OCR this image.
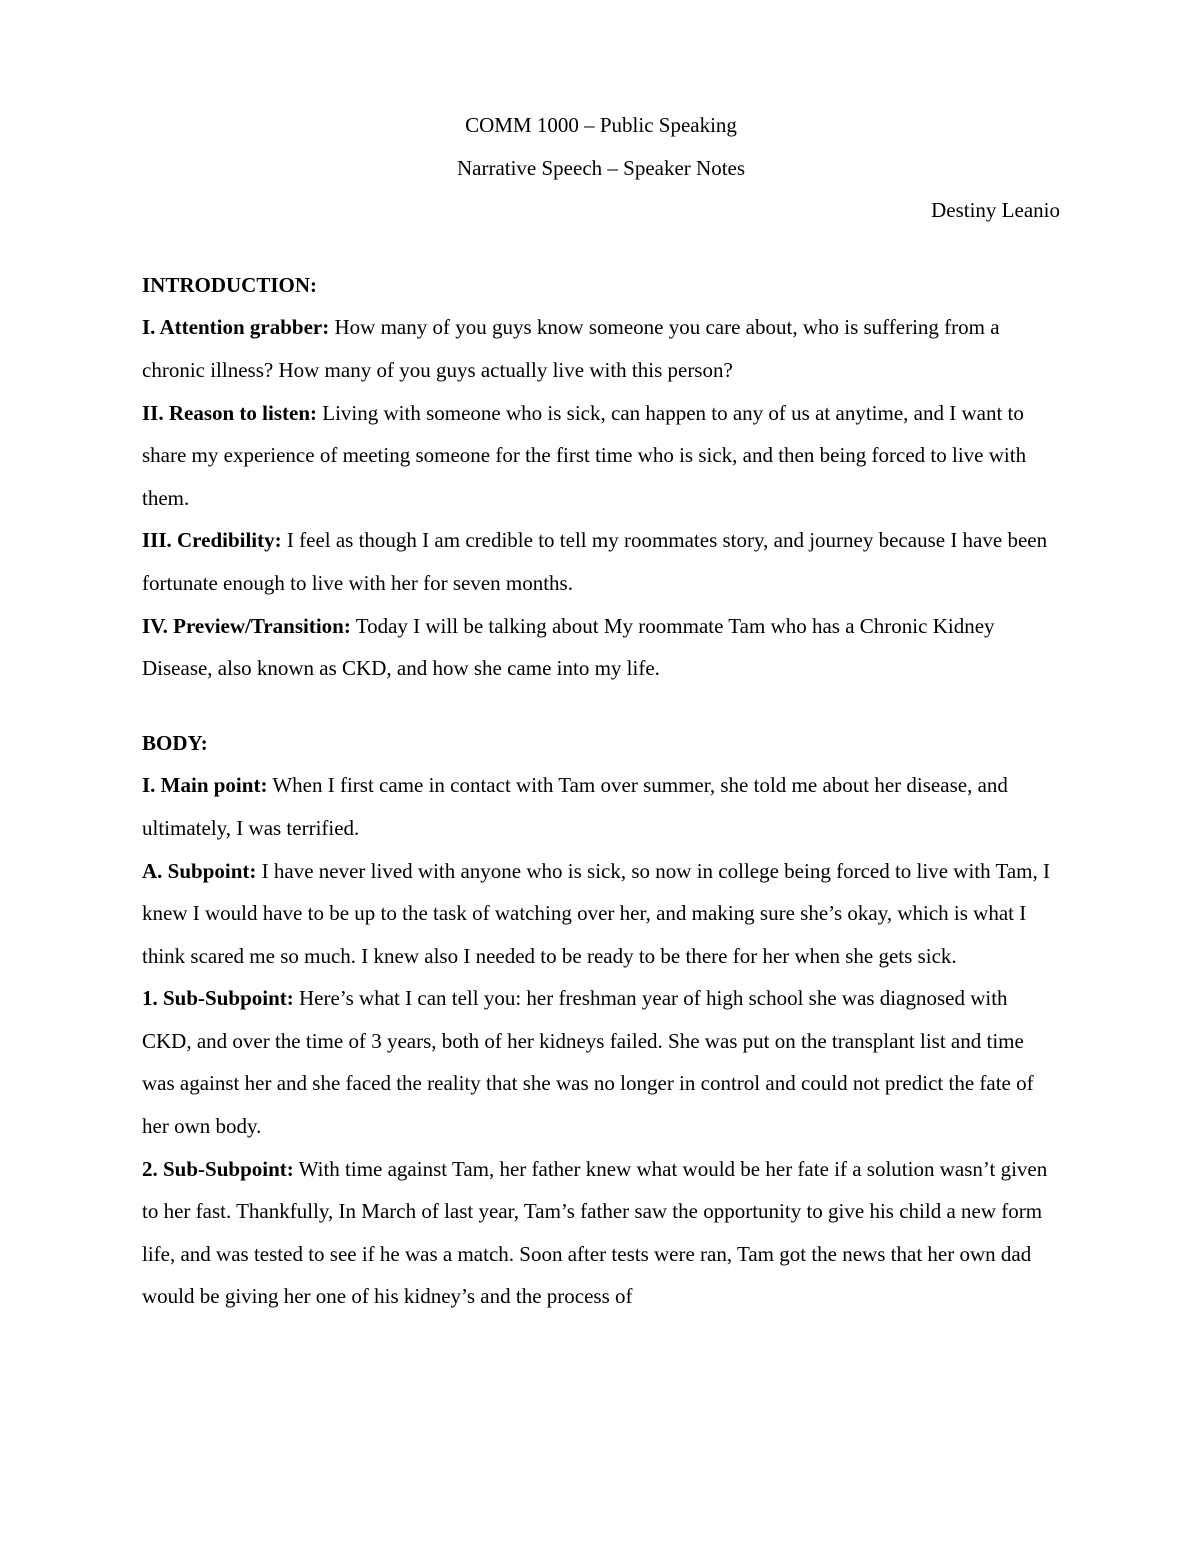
COMM 1000 – Public Speaking
Narrative Speech – Speaker Notes
Destiny Leanio
INTRODUCTION:

I. Attention grabber: How many of you guys know someone you care about, who is suffering from a chronic illness? How many of you guys actually live with this person?

II. Reason to listen: Living with someone who is sick, can happen to any of us at anytime, and I want to share my experience of meeting someone for the first time who is sick, and then being forced to live with them.

III. Credibility: I feel as though I am credible to tell my roommates story, and journey because I have been fortunate enough to live with her for seven months.

IV. Preview/Transition: Today I will be talking about My roommate Tam who has a Chronic Kidney Disease, also known as CKD, and how she came into my life.

BODY:

I. Main point: When I first came in contact with Tam over summer, she told me about her disease, and ultimately, I was terrified.

A. Subpoint: I have never lived with anyone who is sick, so now in college being forced to live with Tam, I knew I would have to be up to the task of watching over her, and making sure she’s okay, which is what I think scared me so much. I knew also I needed to be ready to be there for her when she gets sick.

1. Sub-Subpoint: Here’s what I can tell you: her freshman year of high school she was diagnosed with CKD, and over the time of 3 years, both of her kidneys failed. She was put on the transplant list and time was against her and she faced the reality that she was no longer in control and could not predict the fate of her own body.

2. Sub-Subpoint: With time against Tam, her father knew what would be her fate if a solution wasn’t given to her fast. Thankfully, In March of last year, Tam’s father saw the opportunity to give his child a new form life, and was tested to see if he was a match. Soon after tests were ran, Tam got the news that her own dad would be giving her one of his kidney’s and the process of
